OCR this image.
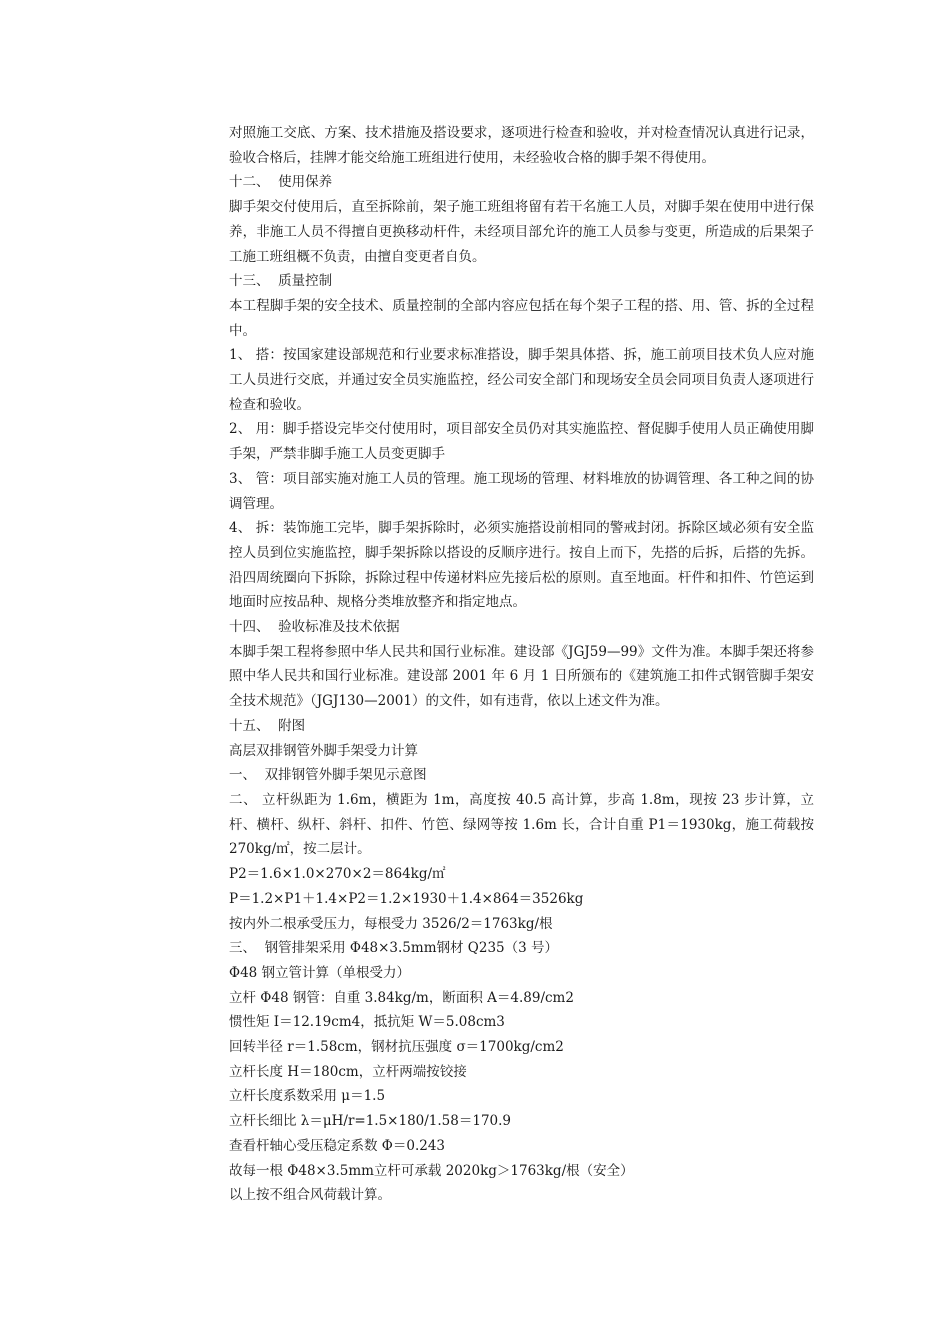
对照施工交底、方案、技术措施及搭设要求，逐项进行检查和验收，并对检查情况认真进行记录，验收合格后，挂牌才能交给施工班组进行使用，未经验收合格的脚手架不得使用。

十二、  使用保养

脚手架交付使用后，直至拆除前，架子施工班组将留有若干名施工人员，对脚手架在使用中进行保养，非施工人员不得擅自更换移动杆件，未经项目部允许的施工人员参与变更，所造成的后果架子工施工班组概不负责，由擅自变更者自负。

十三、  质量控制

本工程脚手架的安全技术、质量控制的全部内容应包括在每个架子工程的搭、用、管、拆的全过程中。

1、 搭：按国家建设部规范和行业要求标准搭设，脚手架具体搭、拆，施工前项目技术负人应对施工人员进行交底，并通过安全员实施监控，经公司安全部门和现场安全员会同项目负责人逐项进行检查和验收。

2、 用：脚手搭设完毕交付使用时，项目部安全员仍对其实施监控、督促脚手使用人员正确使用脚手架，严禁非脚手施工人员变更脚手

3、 管：项目部实施对施工人员的管理。施工现场的管理、材料堆放的协调管理、各工种之间的协调管理。

4、 拆：装饰施工完毕，脚手架拆除时，必须实施搭设前相同的警戒封闭。拆除区域必须有安全监控人员到位实施监控，脚手架拆除以搭设的反顺序进行。按自上而下，先搭的后拆，后搭的先拆。沿四周统圈向下拆除，拆除过程中传递材料应先接后松的原则。直至地面。杆件和扣件、竹笆运到地面时应按品种、规格分类堆放整齐和指定地点。

十四、  验收标准及技术依据

本脚手架工程将参照中华人民共和国行业标准。建设部《JGJ59—99》文件为准。本脚手架还将参照中华人民共和国行业标准。建设部 2001 年 6 月 1 日所颁布的《建筑施工扣件式钢管脚手架安全技术规范》（JGJ130—2001）的文件，如有违背，依以上述文件为准。

十五、  附图

高层双排钢管外脚手架受力计算

一、  双排钢管外脚手架见示意图

二、 立杆纵距为 1.6m，横距为 1m，高度按 40.5 高计算，步高 1.8m，现按 23 步计算，立杆、横杆、纵杆、斜杆、扣件、竹笆、绿网等按 1.6m 长，合计自重 P1＝1930kg，施工荷载按 270kg/㎡，按二层计。

P2＝1.6×1.0×270×2＝864kg/㎡

P＝1.2×P1＋1.4×P2＝1.2×1930＋1.4×864＝3526kg

按内外二根承受压力，每根受力 3526/2＝1763kg/根

三、  钢管排架采用 Φ48×3.5mm钢材 Q235（3 号）

Φ48 钢立管计算（单根受力）

立杆 Φ48 钢管：自重 3.84kg/m，断面积 A＝4.89/cm2

惯性矩 I＝12.19cm4，抵抗矩 W＝5.08cm3

回转半径 r＝1.58cm，钢材抗压强度 σ＝1700kg/cm2

立杆长度 H＝180cm，立杆两端按铰接

立杆长度系数采用 μ＝1.5

立杆长细比 λ＝μH/r=1.5×180/1.58＝170.9

查看杆轴心受压稳定系数 Φ＝0.243

故每一根 Φ48×3.5mm立杆可承载 2020kg＞1763kg/根（安全）

以上按不组合风荷载计算。
